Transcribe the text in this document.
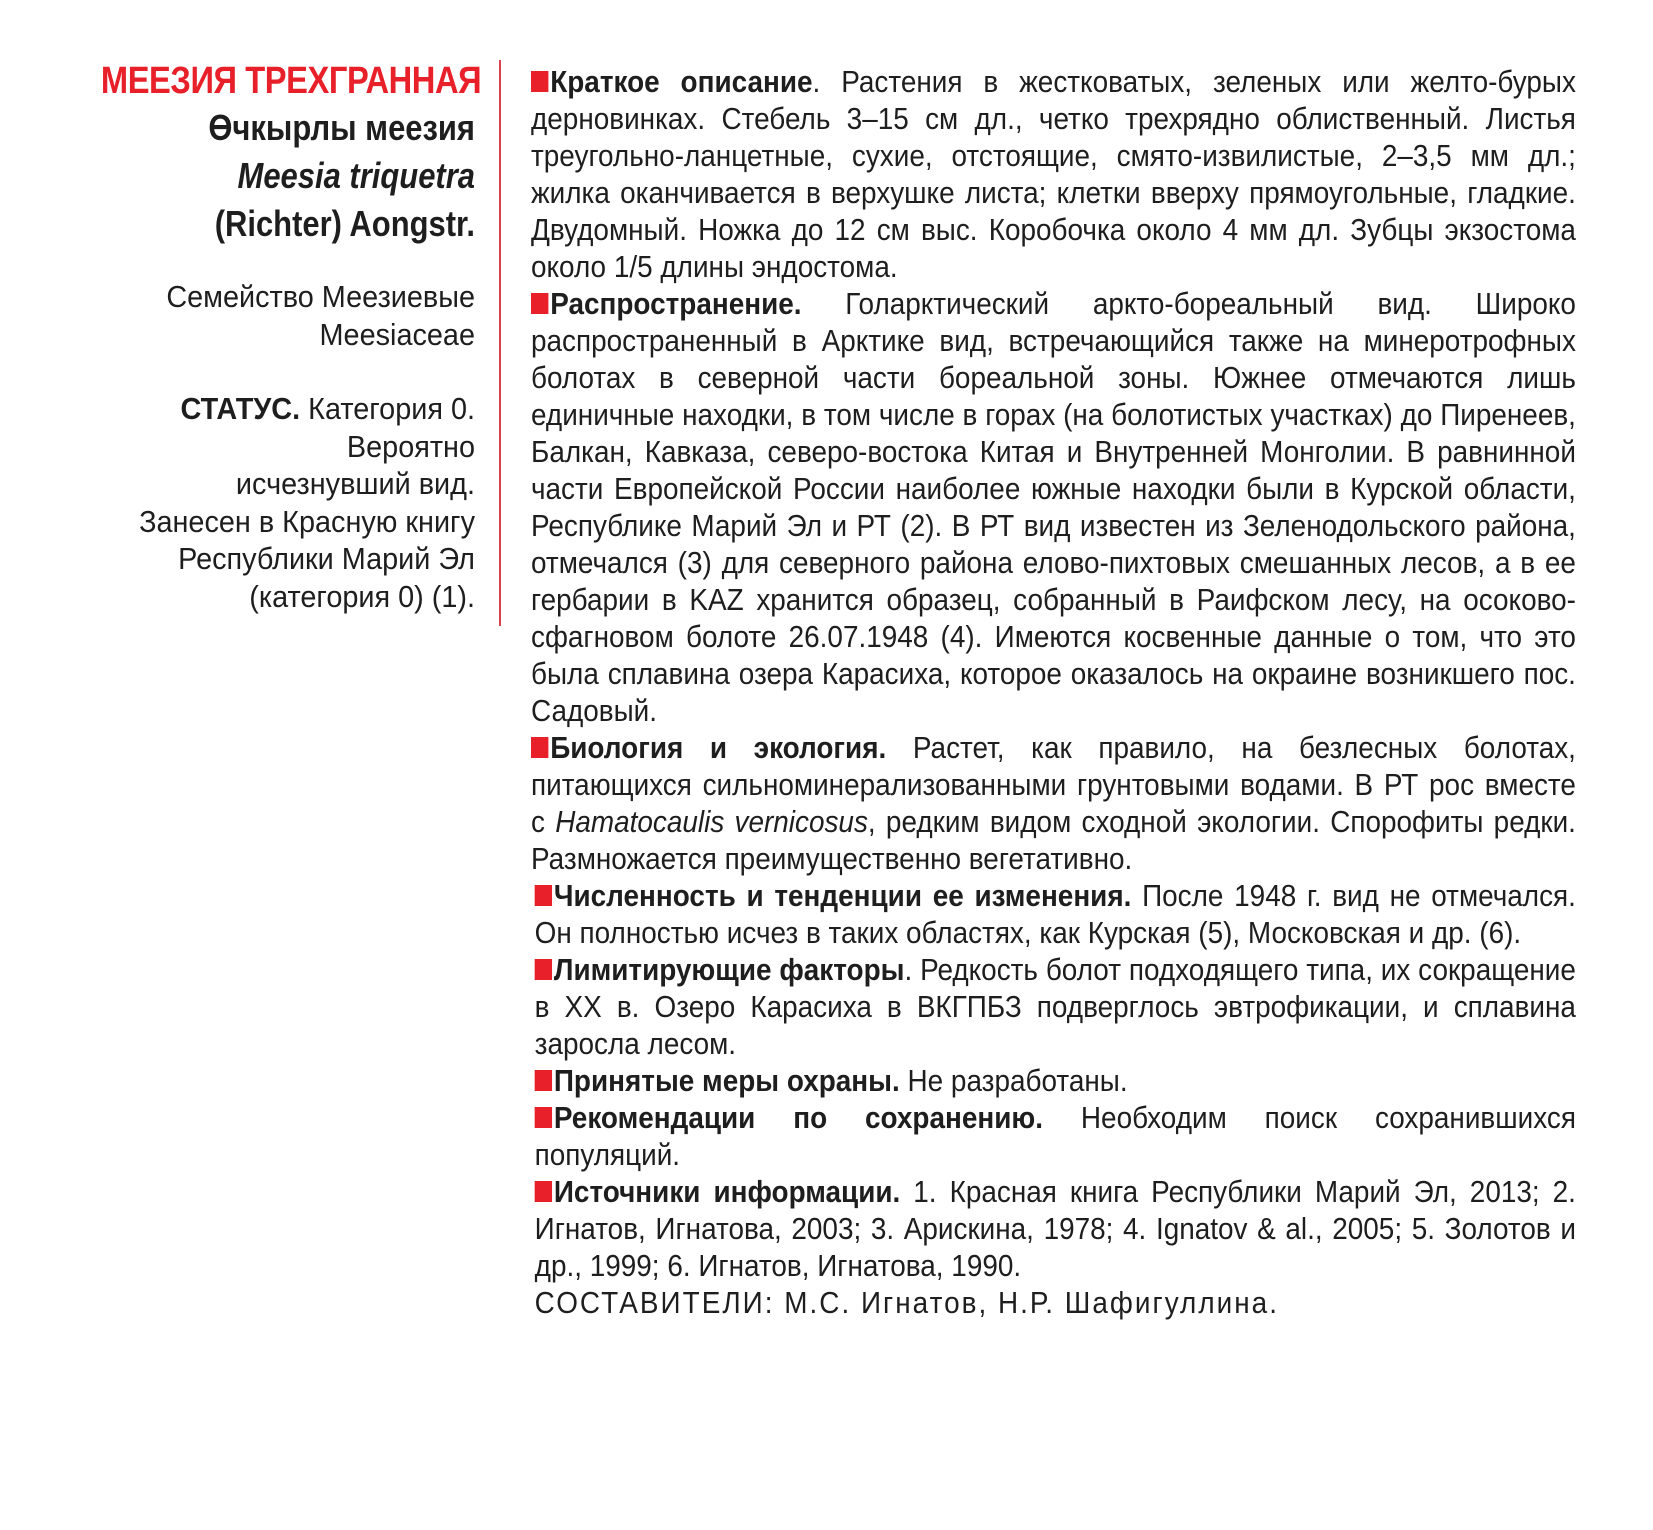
МЕЕЗИЯ ТРЕХГРАННАЯ
Өчкырлы меезия
Meesia triquetra
(Richter) Aongstr.
Семейство Меезиевые
Meesiaceae
СТАТУС. Категория 0.
Вероятно
исчезнувший вид.
Занесен в Красную книгу
Республики Марий Эл
(категория 0) (1).

Краткое описание. Растения в жестковатых, зеленых или желто-бурых дерновинках. Стебель 3–15 см дл., четко трехрядно облиственный. Листья треугольно-ланцетные, сухие, отстоящие, смято-извилистые, 2–3,5 мм дл.; жилка оканчивается в верхушке листа; клетки вверху прямоугольные, гладкие. Двудомный. Ножка до 12 см выс. Коробочка около 4 мм дл. Зубцы экзостома около 1/5 длины эндостома.

Распространение. Голарктический аркто-бореальный вид. Широко распространенный в Арктике вид, встречающийся также на минеротрофных болотах в северной части бореальной зоны. Южнее отмечаются лишь единичные находки, в том числе в горах (на болотистых участках) до Пиренеев, Балкан, Кавказа, северо-востока Китая и Внутренней Монголии. В равнинной части Европейской России наиболее южные находки были в Курской области, Республике Марий Эл и РТ (2). В РТ вид известен из Зеленодольского района, отмечался (3) для северного района елово-пихтовых смешанных лесов, а в ее гербарии в KAZ хранится образец, собранный в Раифском лесу, на осоково-сфагновом болоте 26.07.1948 (4). Имеются косвенные данные о том, что это была сплавина озера Карасиха, которое оказалось на окраине возникшего пос. Садовый.

Биология и экология. Растет, как правило, на безлесных болотах, питающихся сильноминерализованными грунтовыми водами. В РТ рос вместе с Hamatocaulis vernicosus, редким видом сходной экологии. Спорофиты редки. Размножается преимущественно вегетативно.

Численность и тенденции ее изменения. После 1948 г. вид не отмечался. Он полностью исчез в таких областях, как Курская (5), Московская и др. (6).

Лимитирующие факторы. Редкость болот подходящего типа, их сокращение в XX в. Озеро Карасиха в ВКГПБЗ подверглось эвтрофикации, и сплавина заросла лесом.

Принятые меры охраны. Не разработаны.

Рекомендации по сохранению. Необходим поиск сохранившихся популяций.

Источники информации. 1. Красная книга Республики Марий Эл, 2013; 2. Игнатов, Игнатова, 2003; 3. Арискина, 1978; 4. Ignatov & al., 2005; 5. Золотов и др., 1999; 6. Игнатов, Игнатова, 1990.

СОСТАВИТЕЛИ: М.С. Игнатов, Н.Р. Шафигуллина.
